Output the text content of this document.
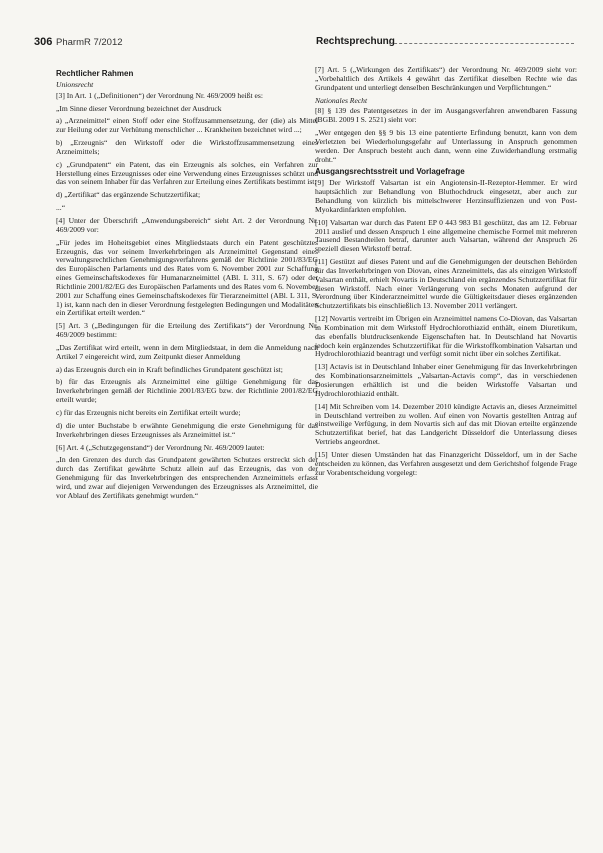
306 PharmR 7/2012	Rechtsprechung
Rechtlicher Rahmen
Unionsrecht

[3] In Art. 1 („Definitionen“) der Verordnung Nr. 469/2009 heißt es:

„Im Sinne dieser Verordnung bezeichnet der Ausdruck

a) „Arzneimittel“ einen Stoff oder eine Stoffzusammensetzung, der (die) als Mittel zur Heilung oder zur Verhütung menschlicher ... Krankheiten bezeichnet wird ...;

b) „Erzeugnis“ den Wirkstoff oder die Wirkstoffzusammensetzung eines Arzneimittels;

c) „Grundpatent“ ein Patent, das ein Erzeugnis als solches, ein Verfahren zur Herstellung eines Erzeugnisses oder eine Verwendung eines Erzeugnisses schützt und das von seinem Inhaber für das Verfahren zur Erteilung eines Zertifikats bestimmt ist;

d) „Zertifikat“ das ergänzende Schutzzertifikat;

...“

[4] Unter der Überschrift „Anwendungsbereich“ sieht Art. 2 der Verordnung Nr. 469/2009 vor:

„Für jedes im Hoheitsgebiet eines Mitgliedstaats durch ein Patent geschütztes Erzeugnis, das vor seinem Inverkehrbringen als Arzneimittel Gegenstand eines verwaltungsrechtlichen Genehmigungsverfahrens gemäß der Richtlinie 2001/83/EG des Europäischen Parlaments und des Rates vom 6. November 2001 zur Schaffung eines Gemeinschaftskodexes für Humanarzneimittel (ABl. L 311, S. 67) oder der Richtlinie 2001/82/EG des Europäischen Parlaments und des Rates vom 6. November 2001 zur Schaffung eines Gemeinschaftskodexes für Tierarzneimittel (ABl. L 311, S. 1) ist, kann nach den in dieser Verordnung festgelegten Bedingungen und Modalitäten ein Zertifikat erteilt werden.“

[5] Art. 3 („Bedingungen für die Erteilung des Zertifikats“) der Verordnung Nr. 469/2009 bestimmt:

„Das Zertifikat wird erteilt, wenn in dem Mitgliedstaat, in dem die Anmeldung nach Artikel 7 eingereicht wird, zum Zeitpunkt dieser Anmeldung

a) das Erzeugnis durch ein in Kraft befindliches Grundpatent geschützt ist;

b) für das Erzeugnis als Arzneimittel eine gültige Genehmigung für das Inverkehrbringen gemäß der Richtlinie 2001/83/EG bzw. der Richtlinie 2001/82/EG erteilt wurde;

c) für das Erzeugnis nicht bereits ein Zertifikat erteilt wurde;

d) die unter Buchstabe b erwähnte Genehmigung die erste Genehmigung für das Inverkehrbringen dieses Erzeugnisses als Arzneimittel ist.“

[6] Art. 4 („Schutzgegenstand“) der Verordnung Nr. 469/2009 lautet:

„In den Grenzen des durch das Grundpatent gewährten Schutzes erstreckt sich der durch das Zertifikat gewährte Schutz allein auf das Erzeugnis, das von der Genehmigung für das Inverkehrbringen des entsprechenden Arzneimittels erfasst wird, und zwar auf diejenigen Verwendungen des Erzeugnisses als Arzneimittel, die vor Ablauf des Zertifikats genehmigt wurden.“

[7] Art. 5 („Wirkungen des Zertifikats“) der Verordnung Nr. 469/2009 sieht vor: „Vorbehaltlich des Artikels 4 gewährt das Zertifikat dieselben Rechte wie das Grundpatent und unterliegt denselben Beschränkungen und Verpflichtungen.“

Nationales Recht

[8] § 139 des Patentgesetzes in der im Ausgangsverfahren anwendbaren Fassung (BGBl. 2009 I S. 2521) sieht vor:

„Wer entgegen den §§ 9 bis 13 eine patentierte Erfindung benutzt, kann von dem Verletzten bei Wiederholungsgefahr auf Unterlassung in Anspruch genommen werden. Der Anspruch besteht auch dann, wenn eine Zuwiderhandlung erstmalig droht.“

Ausgangsrechtsstreit und Vorlagefrage

[9] Der Wirkstoff Valsartan ist ein Angiotensin-II-Rezeptor-Hemmer. Er wird hauptsächlich zur Behandlung von Bluthochdruck eingesetzt, aber auch zur Behandlung von kürzlich bis mittelschwerer Herzinsuffizienzen und von Post-Myokardinfarkten empfohlen.

[10] Valsartan war durch das Patent EP 0 443 983 B1 geschützt, das am 12. Februar 2011 auslief und dessen Anspruch 1 eine allgemeine chemische Formel mit mehreren Tausend Bestandteilen betraf, darunter auch Valsartan, während der Anspruch 26 speziell diesen Wirkstoff betraf.

[11] Gestützt auf dieses Patent und auf die Genehmigungen der deutschen Behörden für das Inverkehrbringen von Diovan, eines Arzneimittels, das als einzigen Wirkstoff Valsartan enthält, erhielt Novartis in Deutschland ein ergänzendes Schutzzertifikat für diesen Wirkstoff. Nach einer Verlängerung von sechs Monaten aufgrund der Verordnung über Kinderarzneimittel wurde die Gültigkeitsdauer dieses ergänzenden Schutzzertifikats bis einschließlich 13. November 2011 verlängert.

[12] Novartis vertreibt im Übrigen ein Arzneimittel namens Co-Diovan, das Valsartan in Kombination mit dem Wirkstoff Hydrochlorothiazid enthält, einem Diuretikum, das ebenfalls blutdrucksenkende Eigenschaften hat. In Deutschland hat Novartis jedoch kein ergänzendes Schutzzertifikat für die Wirkstoffkombination Valsartan und Hydrochlorothiazid beantragt und verfügt somit nicht über ein solches Zertifikat.

[13] Actavis ist in Deutschland Inhaber einer Genehmigung für das Inverkehrbringen des Kombinationsarzneimittels „Valsartan-Actavis comp“, das in verschiedenen Dosierungen erhältlich ist und die beiden Wirkstoffe Valsartan und Hydrochlorothiazid enthält.

[14] Mit Schreiben vom 14. Dezember 2010 kündigte Actavis an, dieses Arzneimittel in Deutschland vertreiben zu wollen. Auf einen von Novartis gestellten Antrag auf einstweilige Verfügung, in dem Novartis sich auf das mit Diovan erteilte ergänzende Schutzzertifikat berief, hat das Landgericht Düsseldorf die Unterlassung dieses Vertriebs angeordnet.

[15] Unter diesen Umständen hat das Finanzgericht Düsseldorf, um in der Sache entscheiden zu können, das Verfahren ausgesetzt und dem Gerichtshof folgende Frage zur Vorabentscheidung vorgelegt:
